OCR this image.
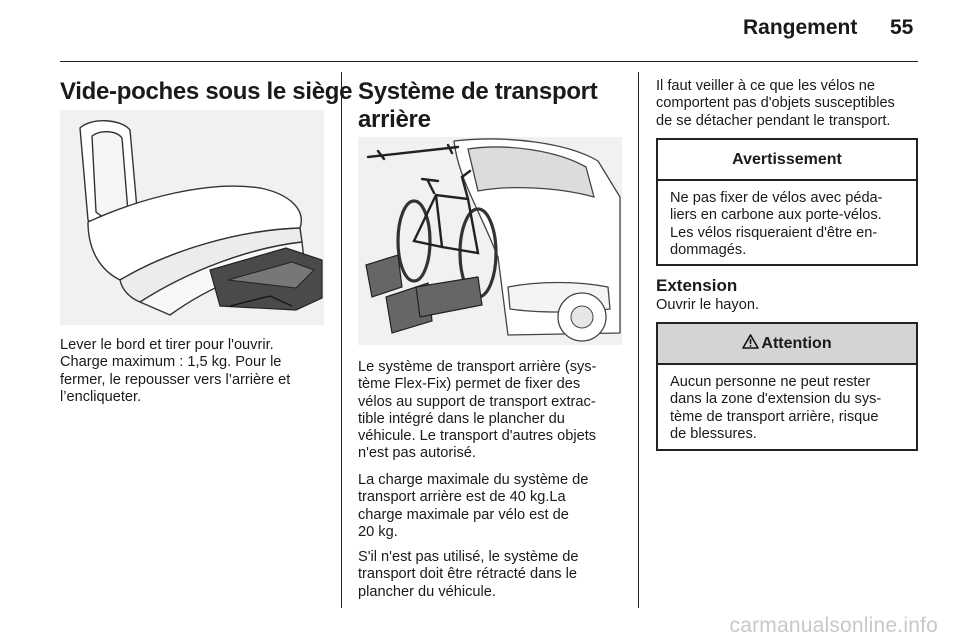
Rangement 55
Vide-poches sous le siège
Lever le bord et tirer pour l'ouvrir.
Charge maximum : 1,5 kg. Pour le
fermer, le repousser vers l’arrière et
l’encliqueter.
Système de transport
arrière
Le système de transport arrière (sys-
tème Flex-Fix) permet de fixer des
vélos au support de transport extrac-
tible intégré dans le plancher du
véhicule. Le transport d'autres objets
n'est pas autorisé.
La charge maximale du système de
transport arrière est de 40 kg.La
charge maximale par vélo est de
20 kg.
S'il n'est pas utilisé, le système de
transport doit être rétracté dans le
plancher du véhicule.
Il faut veiller à ce que les vélos ne
comportent pas d'objets susceptibles
de se détacher pendant le transport.
Avertissement
Ne pas fixer de vélos avec péda-
liers en carbone aux porte-vélos.
Les vélos risqueraient d'être en-
dommagés.
Extension
Ouvrir le hayon.
Attention
Aucun personne ne peut rester
dans la zone d'extension du sys-
tème de transport arrière, risque
de blessures.
carmanualsonline.info
